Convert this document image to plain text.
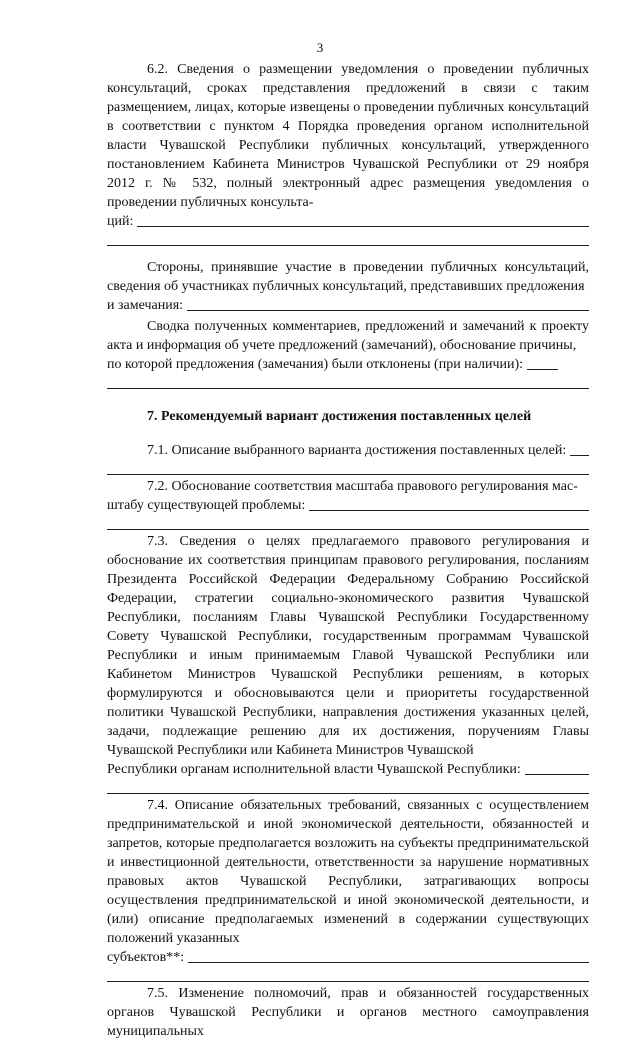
3

6.2. Сведения о размещении уведомления о проведении публичных консультаций, сроках представления предложений в связи с таким размещением, лицах, которые извещены о проведении публичных консультаций в соответствии с пунктом 4 Порядка проведения органом исполнительной власти Чувашской Республики публичных консультаций, утвержденного постановлением Кабинета Министров Чувашской Республики от 29 ноября 2012 г. № 532, полный электронный адрес размещения уведомления о проведении публичных консульта-

ций:

Стороны, принявшие участие в проведении публичных консультаций, сведения об участниках публичных консультаций, представивших предложения

и замечания:

Сводка полученных комментариев, предложений и замечаний к проекту акта и информация об учете предложений (замечаний), обоснование причины,

по которой предложения (замечания) были отклонены (при наличии):

7. Рекомендуемый вариант достижения поставленных целей

7.1. Описание выбранного варианта достижения поставленных целей:

7.2. Обоснование соответствия масштаба правового регулирования мас-

штабу существующей проблемы:

7.3. Сведения о целях предлагаемого правового регулирования и обоснование их соответствия принципам правового регулирования, посланиям Президента Российской Федерации Федеральному Собранию Российской Федерации, стратегии социально-экономического развития Чувашской Республики, посланиям Главы Чувашской Республики Государственному Совету Чувашской Республики, государственным программам Чувашской Республики и иным принимаемым Главой Чувашской Республики или Кабинетом Министров Чувашской Республики решениям, в которых формулируются и обосновываются цели и приоритеты государственной политики Чувашской Республики, направления достижения указанных целей, задачи, подлежащие решению для их достижения, поручениям Главы Чувашской Республики или Кабинета Министров Чувашской

Республики органам исполнительной власти Чувашской Республики:

7.4. Описание обязательных требований, связанных с осуществлением предпринимательской и иной экономической деятельности, обязанностей и запретов, которые предполагается возложить на субъекты предпринимательской и инвестиционной деятельности, ответственности за нарушение нормативных правовых актов Чувашской Республики, затрагивающих вопросы осуществления предпринимательской и иной экономической деятельности, и (или) описание предполагаемых изменений в содержании существующих положений указанных

субъектов**:

7.5. Изменение полномочий, прав и обязанностей государственных органов Чувашской Республики и органов местного самоуправления муниципальных
